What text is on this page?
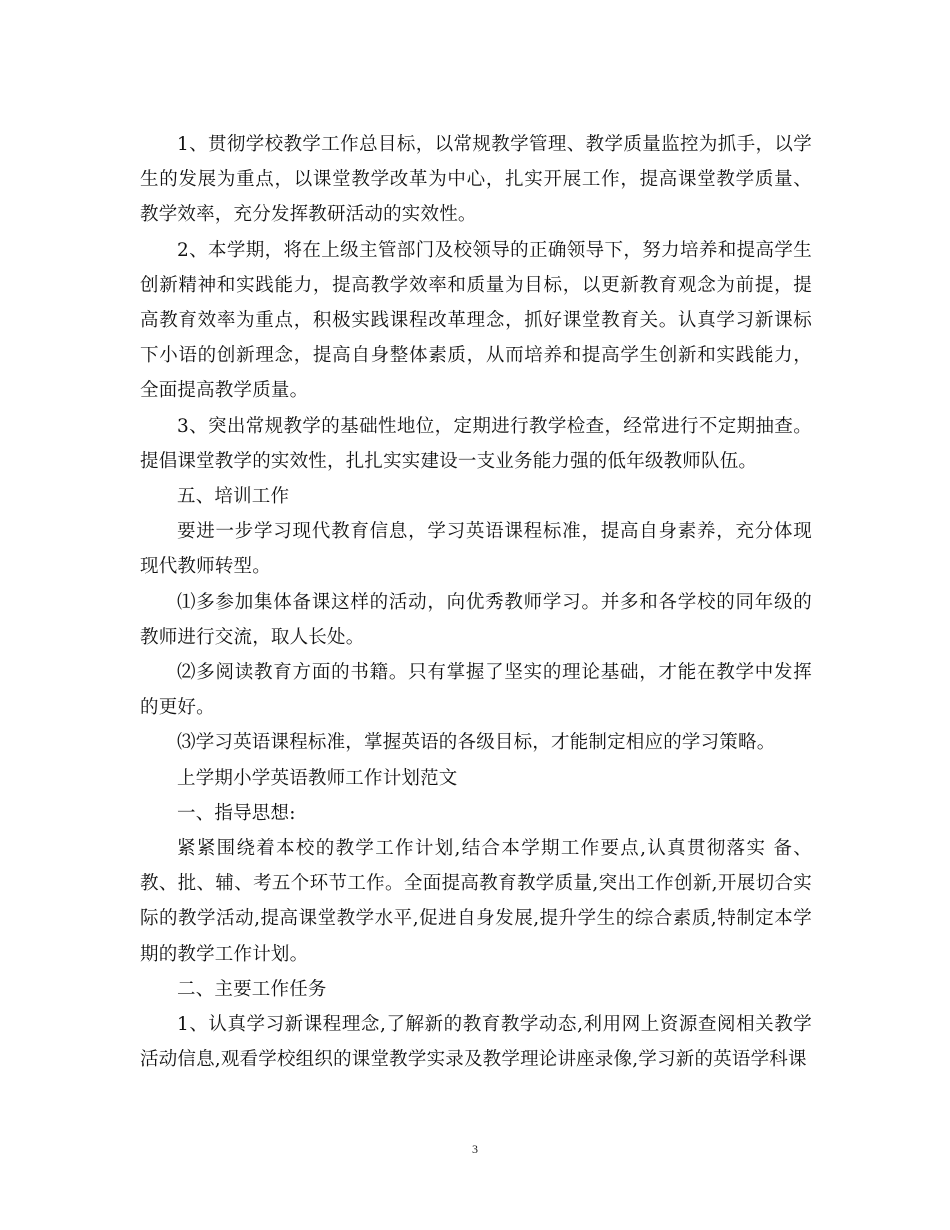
1、贯彻学校教学工作总目标，以常规教学管理、教学质量监控为抓手，以学生的发展为重点，以课堂教学改革为中心，扎实开展工作，提高课堂教学质量、教学效率，充分发挥教研活动的实效性。

2、本学期，将在上级主管部门及校领导的正确领导下，努力培养和提高学生创新精神和实践能力，提高教学效率和质量为目标，以更新教育观念为前提，提高教育效率为重点，积极实践课程改革理念，抓好课堂教育关。认真学习新课标下小语的创新理念，提高自身整体素质，从而培养和提高学生创新和实践能力，全面提高教学质量。

3、突出常规教学的基础性地位，定期进行教学检查，经常进行不定期抽查。提倡课堂教学的实效性，扎扎实实建设一支业务能力强的低年级教师队伍。

五、培训工作

要进一步学习现代教育信息，学习英语课程标准，提高自身素养，充分体现现代教师转型。

⑴多参加集体备课这样的活动，向优秀教师学习。并多和各学校的同年级的教师进行交流，取人长处。

⑵多阅读教育方面的书籍。只有掌握了坚实的理论基础，才能在教学中发挥的更好。

⑶学习英语课程标准，掌握英语的各级目标，才能制定相应的学习策略。

上学期小学英语教师工作计划范文

一、指导思想:

紧紧围绕着本校的教学工作计划,结合本学期工作要点,认真贯彻落实 备、教、批、辅、考五个环节工作。全面提高教育教学质量,突出工作创新,开展切合实际的教学活动,提高课堂教学水平,促进自身发展,提升学生的综合素质,特制定本学期的教学工作计划。

二、主要工作任务

1、认真学习新课程理念,了解新的教育教学动态,利用网上资源查阅相关教学活动信息,观看学校组织的课堂教学实录及教学理论讲座录像,学习新的英语学科课

3
